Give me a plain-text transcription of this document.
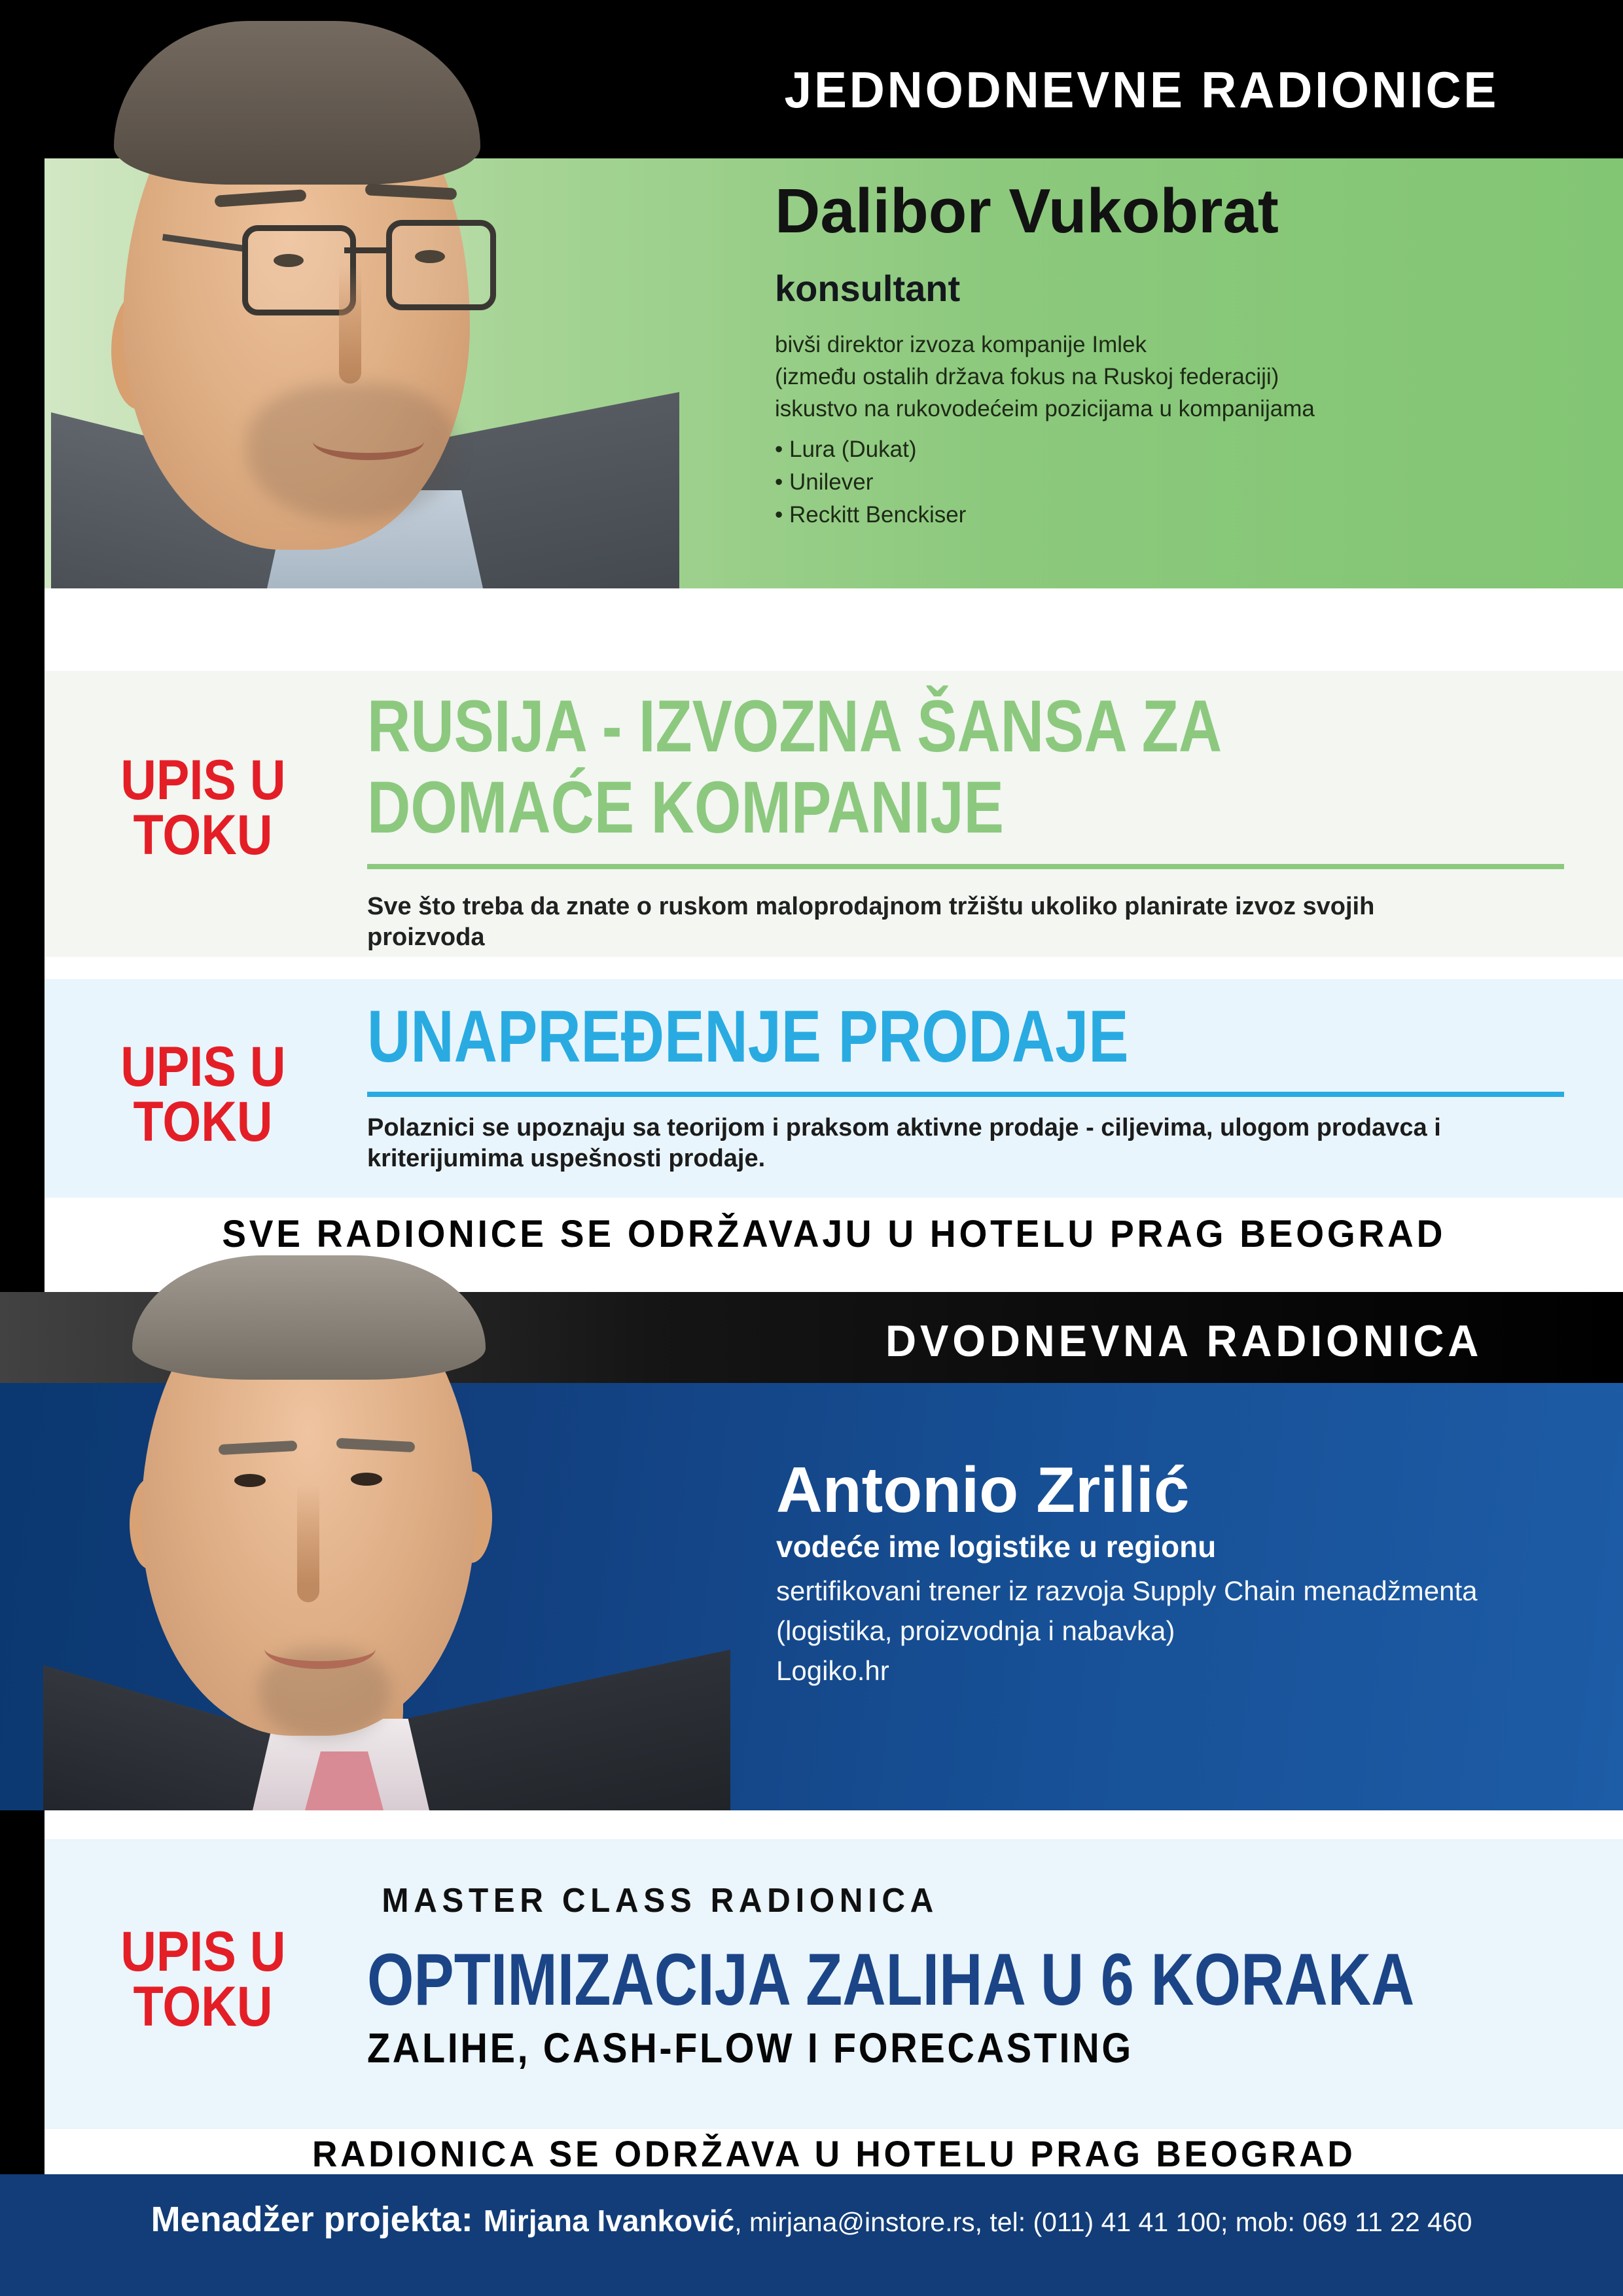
JEDNODNEVNE RADIONICE
Dalibor Vukobrat
konsultant
bivši direktor izvoza kompanije Imlek
(između ostalih država fokus na Ruskoj federaciji)
iskustvo na rukovodećeim pozicijama u kompanijama
• Lura (Dukat)
• Unilever
• Reckitt Benckiser
UPIS U
TOKU
RUSIJA - IZVOZNA ŠANSA ZA
DOMAĆE KOMPANIJE
Sve što treba da znate o ruskom maloprodajnom tržištu ukoliko planirate izvoz svojih
proizvoda
UPIS U
TOKU
UNAPREĐENJE PRODAJE
Polaznici se upoznaju sa teorijom i praksom aktivne prodaje - ciljevima, ulogom prodavca i
kriterijumima uspešnosti prodaje.
SVE RADIONICE SE ODRŽAVAJU U HOTELU PRAG BEOGRAD
DVODNEVNA RADIONICA
Antonio Zrilić
vodeće ime logistike u regionu
sertifikovani trener iz razvoja Supply Chain menadžmenta
(logistika, proizvodnja i nabavka)
Logiko.hr
UPIS U
TOKU
MASTER CLASS RADIONICA
OPTIMIZACIJA ZALIHA U 6 KORAKA
ZALIHE, CASH-FLOW I FORECASTING
RADIONICA SE ODRŽAVA U HOTELU PRAG BEOGRAD
Menadžer projekta: Mirjana Ivanković, mirjana@instore.rs, tel: (011) 41 41 100; mob: 069 11 22 460
